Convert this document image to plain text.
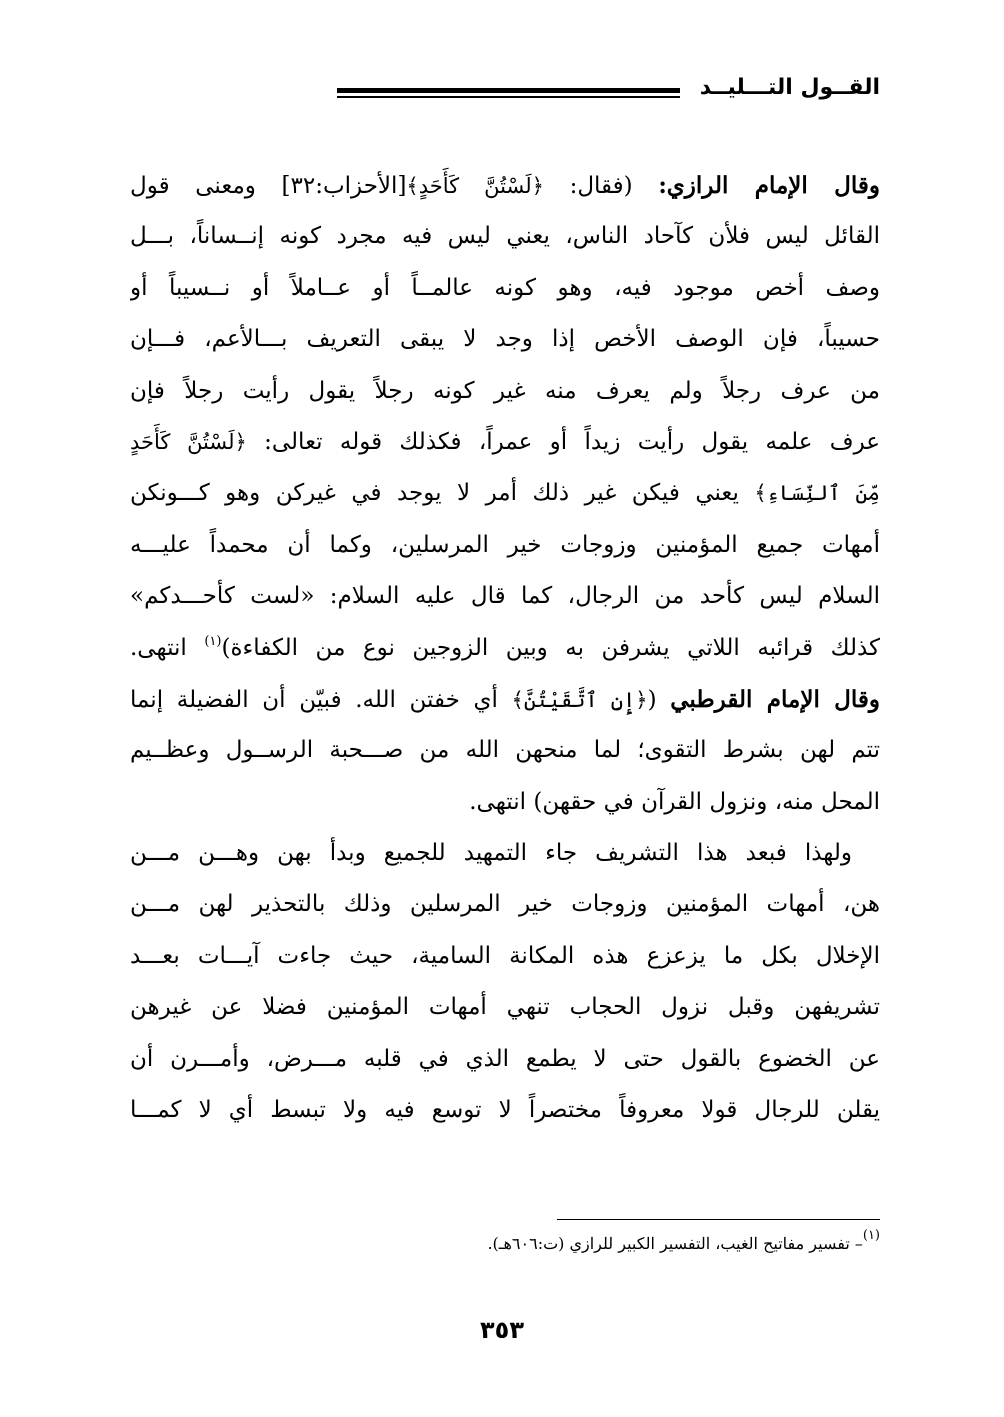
القــول التـــليــد
وقال الإمام الرازي: (فقال: ﴿لَسْتُنَّ كَأَحَدٍ﴾[الأحزاب:٣٢] ومعنى قول
القائل ليس فلأن كآحاد الناس، يعني ليس فيه مجرد كونه إنــساناً، بـــل
وصف أخص موجود فيه، وهو كونه عالمــاً أو عــاملاً أو نــسيباً أو
حسيباً، فإن الوصف الأخص إذا وجد لا يبقى التعريف بـــالأعم، فـــإن
من عرف رجلاً ولم يعرف منه غير كونه رجلاً يقول رأيت رجلاً فإن
عرف علمه يقول رأيت زيداً أو عمراً، فكذلك قوله تعالى: ﴿لَسْتُنَّ كَأَحَدٍ
مِّنَ ٱلنِّسَاءِ﴾ يعني فيكن غير ذلك أمر لا يوجد في غيركن وهو كـــونكن
أمهات جميع المؤمنين وزوجات خير المرسلين، وكما أن محمداً عليـــه
السلام ليس كأحد من الرجال، كما قال عليه السلام: «لست كأحـــدكم»
كذلك قرائبه اللاتي يشرفن به وبين الزوجين نوع من الكفاءة)$^{(١)}$ انتهى.
وقال الإمام القرطبي (﴿إِنِ ٱتَّقَيْتُنَّ﴾ أي خفتن الله. فبيّن أن الفضيلة إنما
تتم لهن بشرط التقوى؛ لما منحهن الله من صـــحبة الرســول وعظــيم
المحل منه، ونزول القرآن في حقهن) انتهى.
ولهذا فبعد هذا التشريف جاء التمهيد للجميع وبدأ بهن وهـــن مـــن
هن، أمهات المؤمنين وزوجات خير المرسلين وذلك بالتحذير لهن مـــن
الإخلال بكل ما يزعزع هذه المكانة السامية، حيث جاءت آيـــات بعـــد
تشريفهن وقبل نزول الحجاب تنهي أمهات المؤمنين فضلا عن غيرهن
عن الخضوع بالقول حتى لا يطمع الذي في قلبه مـــرض، وأمـــرن أن
يقلن للرجال قولا معروفاً مختصراً لا توسع فيه ولا تبسط أي لا كمـــا
$^{(١)}$– تفسير مفاتيح الغيب، التفسير الكبير للرازي (ت:٦٠٦هـ).
٣٥٣
